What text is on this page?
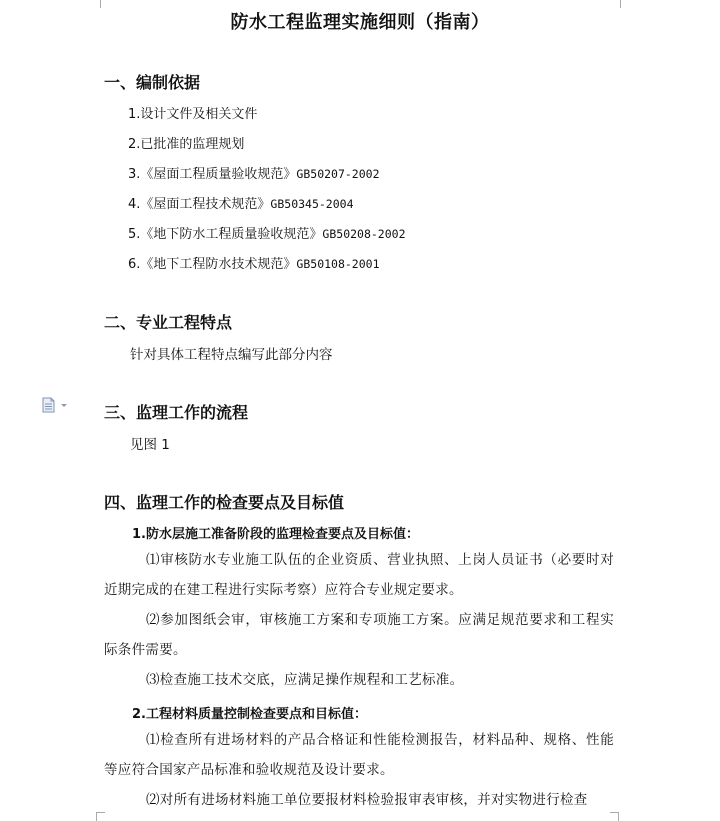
防水工程监理实施细则（指南）
一、编制依据
1.设计文件及相关文件
2.已批准的监理规划
3.《屋面工程质量验收规范》GB50207-2002
4.《屋面工程技术规范》GB50345-2004
5.《地下防水工程质量验收规范》GB50208-2002
6.《地下工程防水技术规范》GB50108-2001
二、专业工程特点
针对具体工程特点编写此部分内容
三、监理工作的流程
见图 1
四、监理工作的检查要点及目标值
1.防水层施工准备阶段的监理检查要点及目标值：
⑴审核防水专业施工队伍的企业资质、营业执照、上岗人员证书（必要时对近期完成的在建工程进行实际考察）应符合专业规定要求。
⑵参加图纸会审，审核施工方案和专项施工方案。应满足规范要求和工程实际条件需要。
⑶检查施工技术交底，应满足操作规程和工艺标准。
2.工程材料质量控制检查要点和目标值：
⑴检查所有进场材料的产品合格证和性能检测报告，材料品种、规格、性能等应符合国家产品标准和验收规范及设计要求。
⑵对所有进场材料施工单位要报材料检验报审表审核，并对实物进行检查
